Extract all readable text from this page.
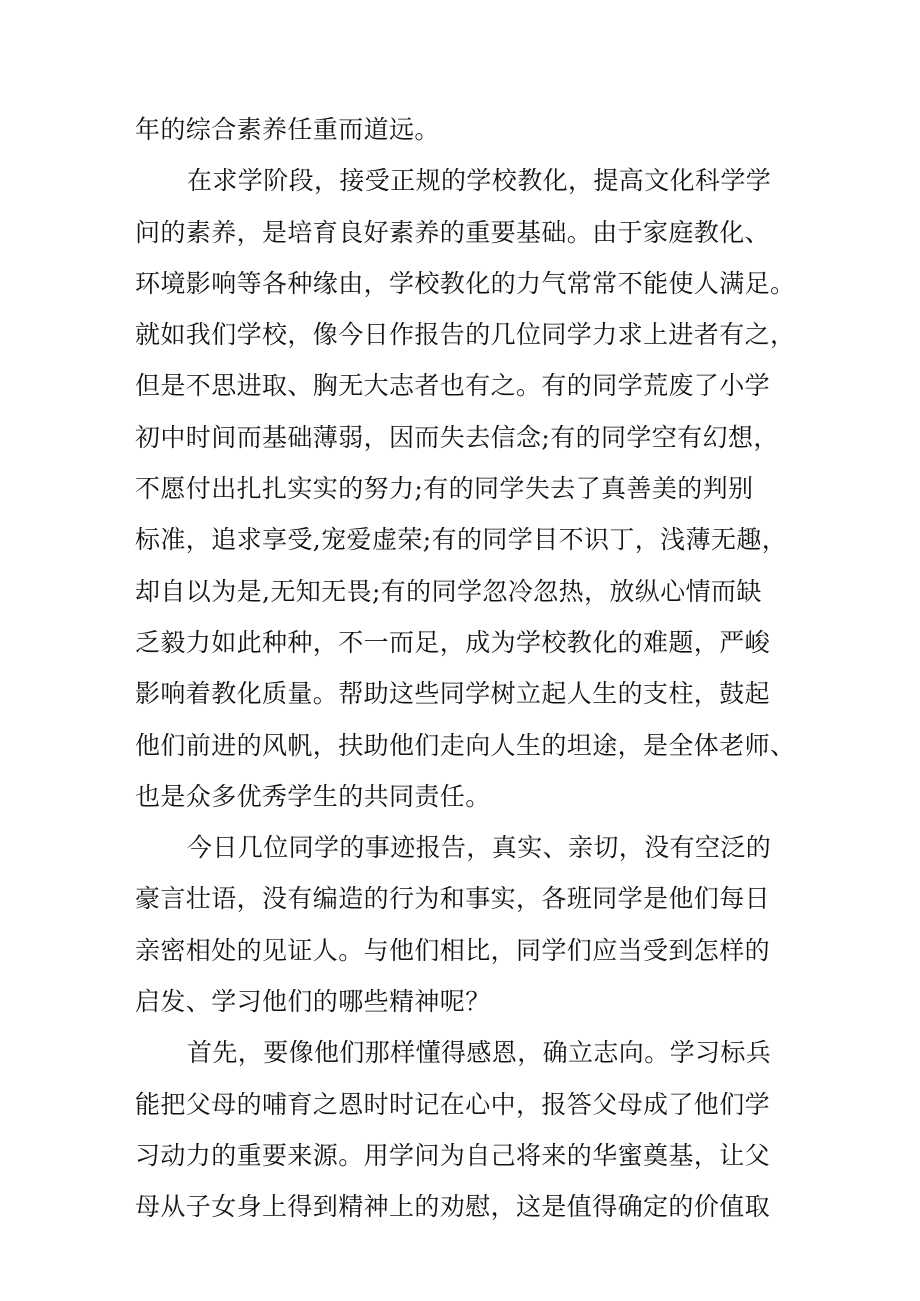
年的综合素养任重而道远。
在求学阶段，接受正规的学校教化，提高文化科学学
问的素养，是培育良好素养的重要基础。由于家庭教化、
环境影响等各种缘由，学校教化的力气常常不能使人满足。
就如我们学校，像今日作报告的几位同学力求上进者有之，
但是不思进取、胸无大志者也有之。有的同学荒废了小学
初中时间而基础薄弱，因而失去信念;有的同学空有幻想，
不愿付出扎扎实实的努力;有的同学失去了真善美的判别
标准，追求享受,宠爱虚荣;有的同学目不识丁，浅薄无趣，
却自以为是,无知无畏;有的同学忽冷忽热，放纵心情而缺
乏毅力如此种种，不一而足，成为学校教化的难题，严峻
影响着教化质量。帮助这些同学树立起人生的支柱，鼓起
他们前进的风帆，扶助他们走向人生的坦途，是全体老师、
也是众多优秀学生的共同责任。
今日几位同学的事迹报告，真实、亲切，没有空泛的
豪言壮语，没有编造的行为和事实，各班同学是他们每日
亲密相处的见证人。与他们相比，同学们应当受到怎样的
启发、学习他们的哪些精神呢？
首先，要像他们那样懂得感恩，确立志向。学习标兵
能把父母的哺育之恩时时记在心中，报答父母成了他们学
习动力的重要来源。用学问为自己将来的华蜜奠基，让父
母从子女身上得到精神上的劝慰，这是值得确定的价值取
